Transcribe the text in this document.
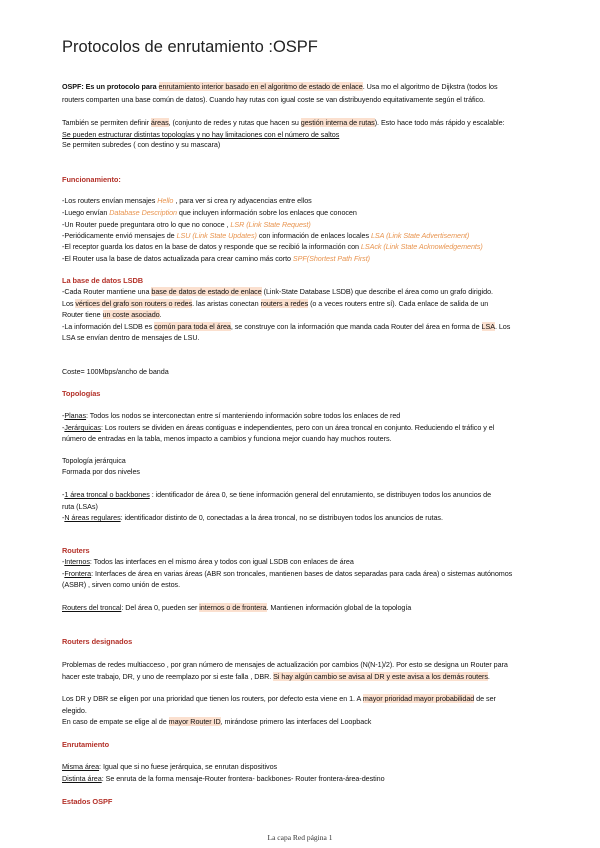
Protocolos de enrutamiento :OSPF
OSPF: Es un protocolo para enrutamiento interior basado en el algoritmo de estado de enlace. Usa mo el algoritmo de Dijkstra (todos los
routers comparten una base común de datos). Cuando hay rutas con igual coste se van distribuyendo equitativamente según el tráfico.
También se permiten definir áreas, (conjunto de redes y rutas que hacen su gestión interna de rutas). Esto hace todo más rápido y escalable:
Se pueden estructurar distintas topologías y no hay limitaciones con el número de saltos
Se permiten subredes ( con destino y su mascara)
Funcionamiento:
-Los routers envían mensajes Hello , para ver si crea ry adyacencias entre ellos
-Luego envían Database Description que incluyen información sobre los enlaces que conocen
-Un Router puede preguntara otro lo que no conoce , LSR (Link State Request)
-Periódicamente envió mensajes de LSU (Link State Updates) con información de enlaces locales LSA (Link State Advertisement)
-El receptor guarda los datos en la base de datos y responde que se recibió la información con LSAck (Link State Acknowledgements)
-El Router usa la base de datos actualizada para crear camino más corto SPF(Shortest Path First)
La base de datos LSDB
-Cada Router mantiene una base de datos de estado de enlace (Link-State Database LSDB) que describe el área como un grafo dirigido.
Los vértices del grafo son routers o redes. las aristas conectan routers a redes (o a veces routers entre sí). Cada enlace de salida de un
Router tiene un coste asociado.
-La información del LSDB es común para toda el área, se construye con la información que manda cada Router del área en forma de LSA. Los
LSA se envían dentro de mensajes de LSU.
Coste= 100Mbps/ancho de banda
Topologías
-Planas: Todos los nodos se interconectan entre sí manteniendo información sobre todos los enlaces de red
-Jerárquicas: Los routers se dividen en áreas contiguas e independientes, pero con un área troncal en conjunto. Reduciendo el tráfico y el
número de entradas en la tabla, menos impacto a cambios y funciona mejor cuando hay muchos routers.
Topología jerárquica
Formada por dos niveles
-1 área troncal o backbones : identificador de área 0, se tiene información general del enrutamiento, se distribuyen todos los anuncios de
ruta (LSAs)
-N áreas regulares: identificador distinto de 0, conectadas a la área troncal, no se distribuyen todos los anuncios de rutas.
Routers
-Internos: Todos las interfaces en el mismo área y todos con igual LSDB con enlaces de área
-Frontera: Interfaces de área en varias áreas (ABR son troncales, mantienen bases de datos separadas para cada área) o sistemas autónomos
(ASBR) , sirven como unión de estos.
Routers del troncal: Del área 0, pueden ser internos o de frontera. Mantienen información global de la topología
Routers designados
Problemas de redes multiacceso , por gran número de mensajes de actualización por cambios (N(N-1)/2). Por esto se designa un Router para
hacer este trabajo, DR, y uno de reemplazo por si este falla , DBR. Si hay algún cambio se avisa al DR y este avisa a los demás routers.
Los DR y DBR se eligen por una prioridad que tienen los routers, por defecto esta viene en 1. A mayor prioridad mayor probabilidad de ser
elegido.
En caso de empate se elige al de mayor Router ID, mirándose primero las interfaces del Loopback
Enrutamiento
Misma área: Igual que si no fuese jerárquica, se enrutan dispositivos
Distinta área: Se enruta de la forma mensaje-Router frontera- backbones- Router frontera-área-destino
Estados OSPF
La capa Red página 1
